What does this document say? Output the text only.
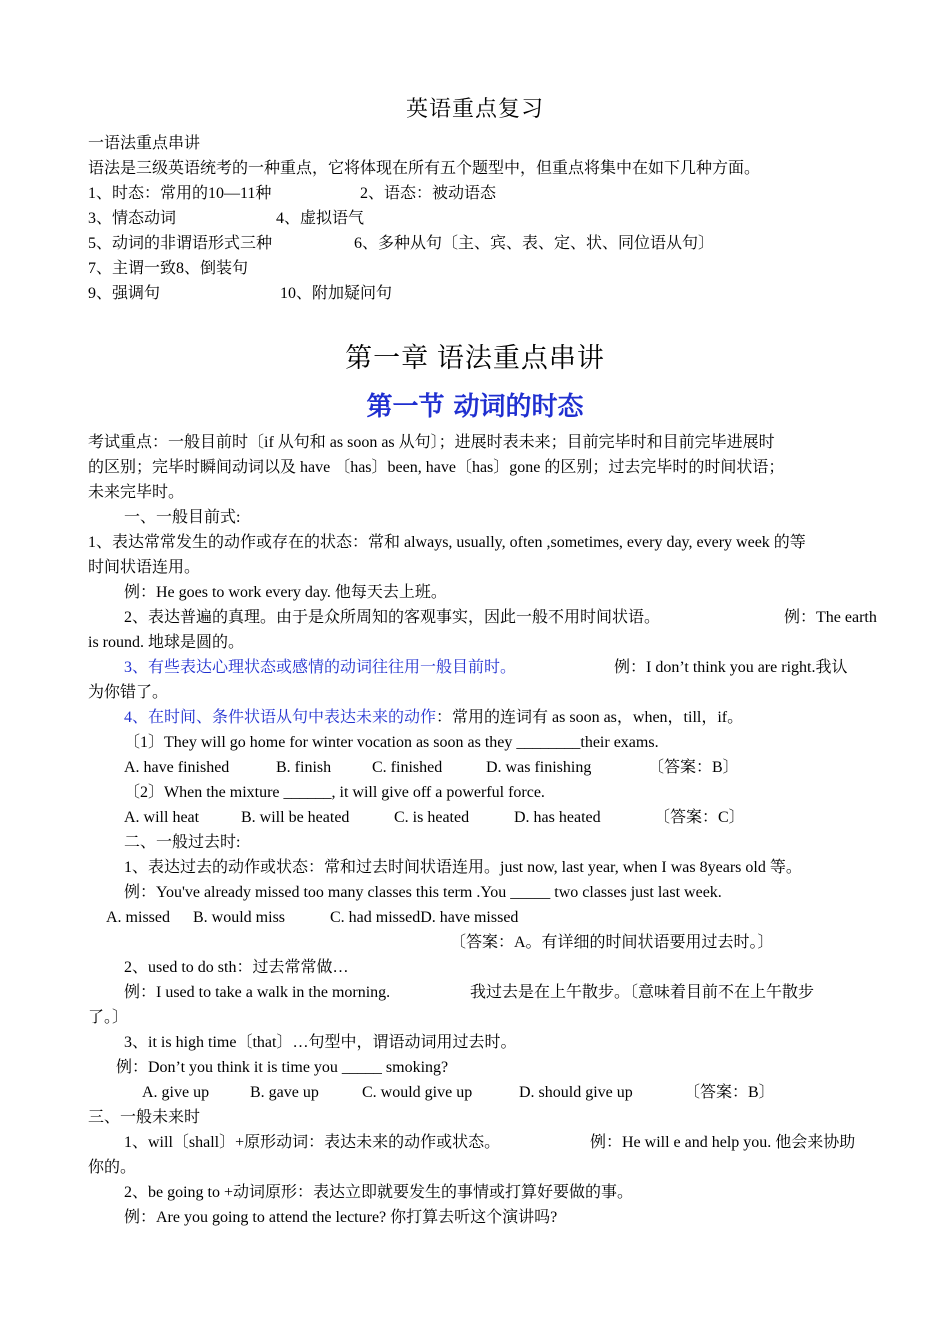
英语重点复习
一语法重点串讲
语法是三级英语统考的一种重点，它将体现在所有五个题型中，但重点将集中在如下几种方面。
1、时态：常用的10—11种	2、语态：被动语态
3、情态动词	4、虚拟语气
5、动词的非谓语形式三种	6、多种从句〔主、宾、表、定、状、同位语从句〕
7、主谓一致8、倒装句
9、强调句	10、附加疑问句
第一章 语法重点串讲
第一节 动词的时态
考试重点：一般目前时〔if 从句和 as soon as 从句〕；进展时表未来；目前完毕时和目前完毕进展时
的区别；完毕时瞬间动词以及 have 〔has〕been, have〔has〕gone 的区别；过去完毕时的时间状语；
未来完毕时。
一、一般目前式:
1、表达常常发生的动作或存在的状态：常和 always, usually, often ,sometimes, every day, every week 的等
时间状语连用。
例：He goes to work every day. 他每天去上班。
2、表达普遍的真理。由于是众所周知的客观事实，因此一般不用时间状语。	例：The earth
is round. 地球是圆的。
3、有些表达心理状态或感情的动词往往用一般目前时。	例：I don’t think you are right.我认
为你错了。
4、在时间、条件状语从句中表达未来的动作：常用的连词有 as soon as，when，till，if。
〔1〕They will go home for winter vocation as soon as they ________their exams.
A. have finished	B. finish	C. finished	D. was finishing	〔答案：B〕
〔2〕When the mixture ______, it will give off a powerful force.
A. will heat	B. will be heated	C. is heated	D. has heated	〔答案：C〕
二、一般过去时:
1、表达过去的动作或状态：常和过去时间状语连用。just now, last year, when I was 8years old 等。
例：You've already missed too many classes this term .You _____ two classes just last week.
A. missed B. would miss	C. had missedD. have missed
〔答案：A。有详细的时间状语要用过去时。〕
2、used to do sth：过去常常做…
例：I used to take a walk in the morning.	我过去是在上午散步。〔意味着目前不在上午散步
了。〕
3、it is high time〔that〕…句型中，谓语动词用过去时。
例：Don’t you think it is time you _____ smoking?
A. give up	B. gave up	C. would give up	D. should give up	〔答案：B〕
三、一般未来时
1、will〔shall〕+原形动词：表达未来的动作或状态。	例：He will e and help you. 他会来协助
你的。
2、be going to +动词原形：表达立即就要发生的事情或打算好要做的事。
例：Are you going to attend the lecture? 你打算去听这个演讲吗?
